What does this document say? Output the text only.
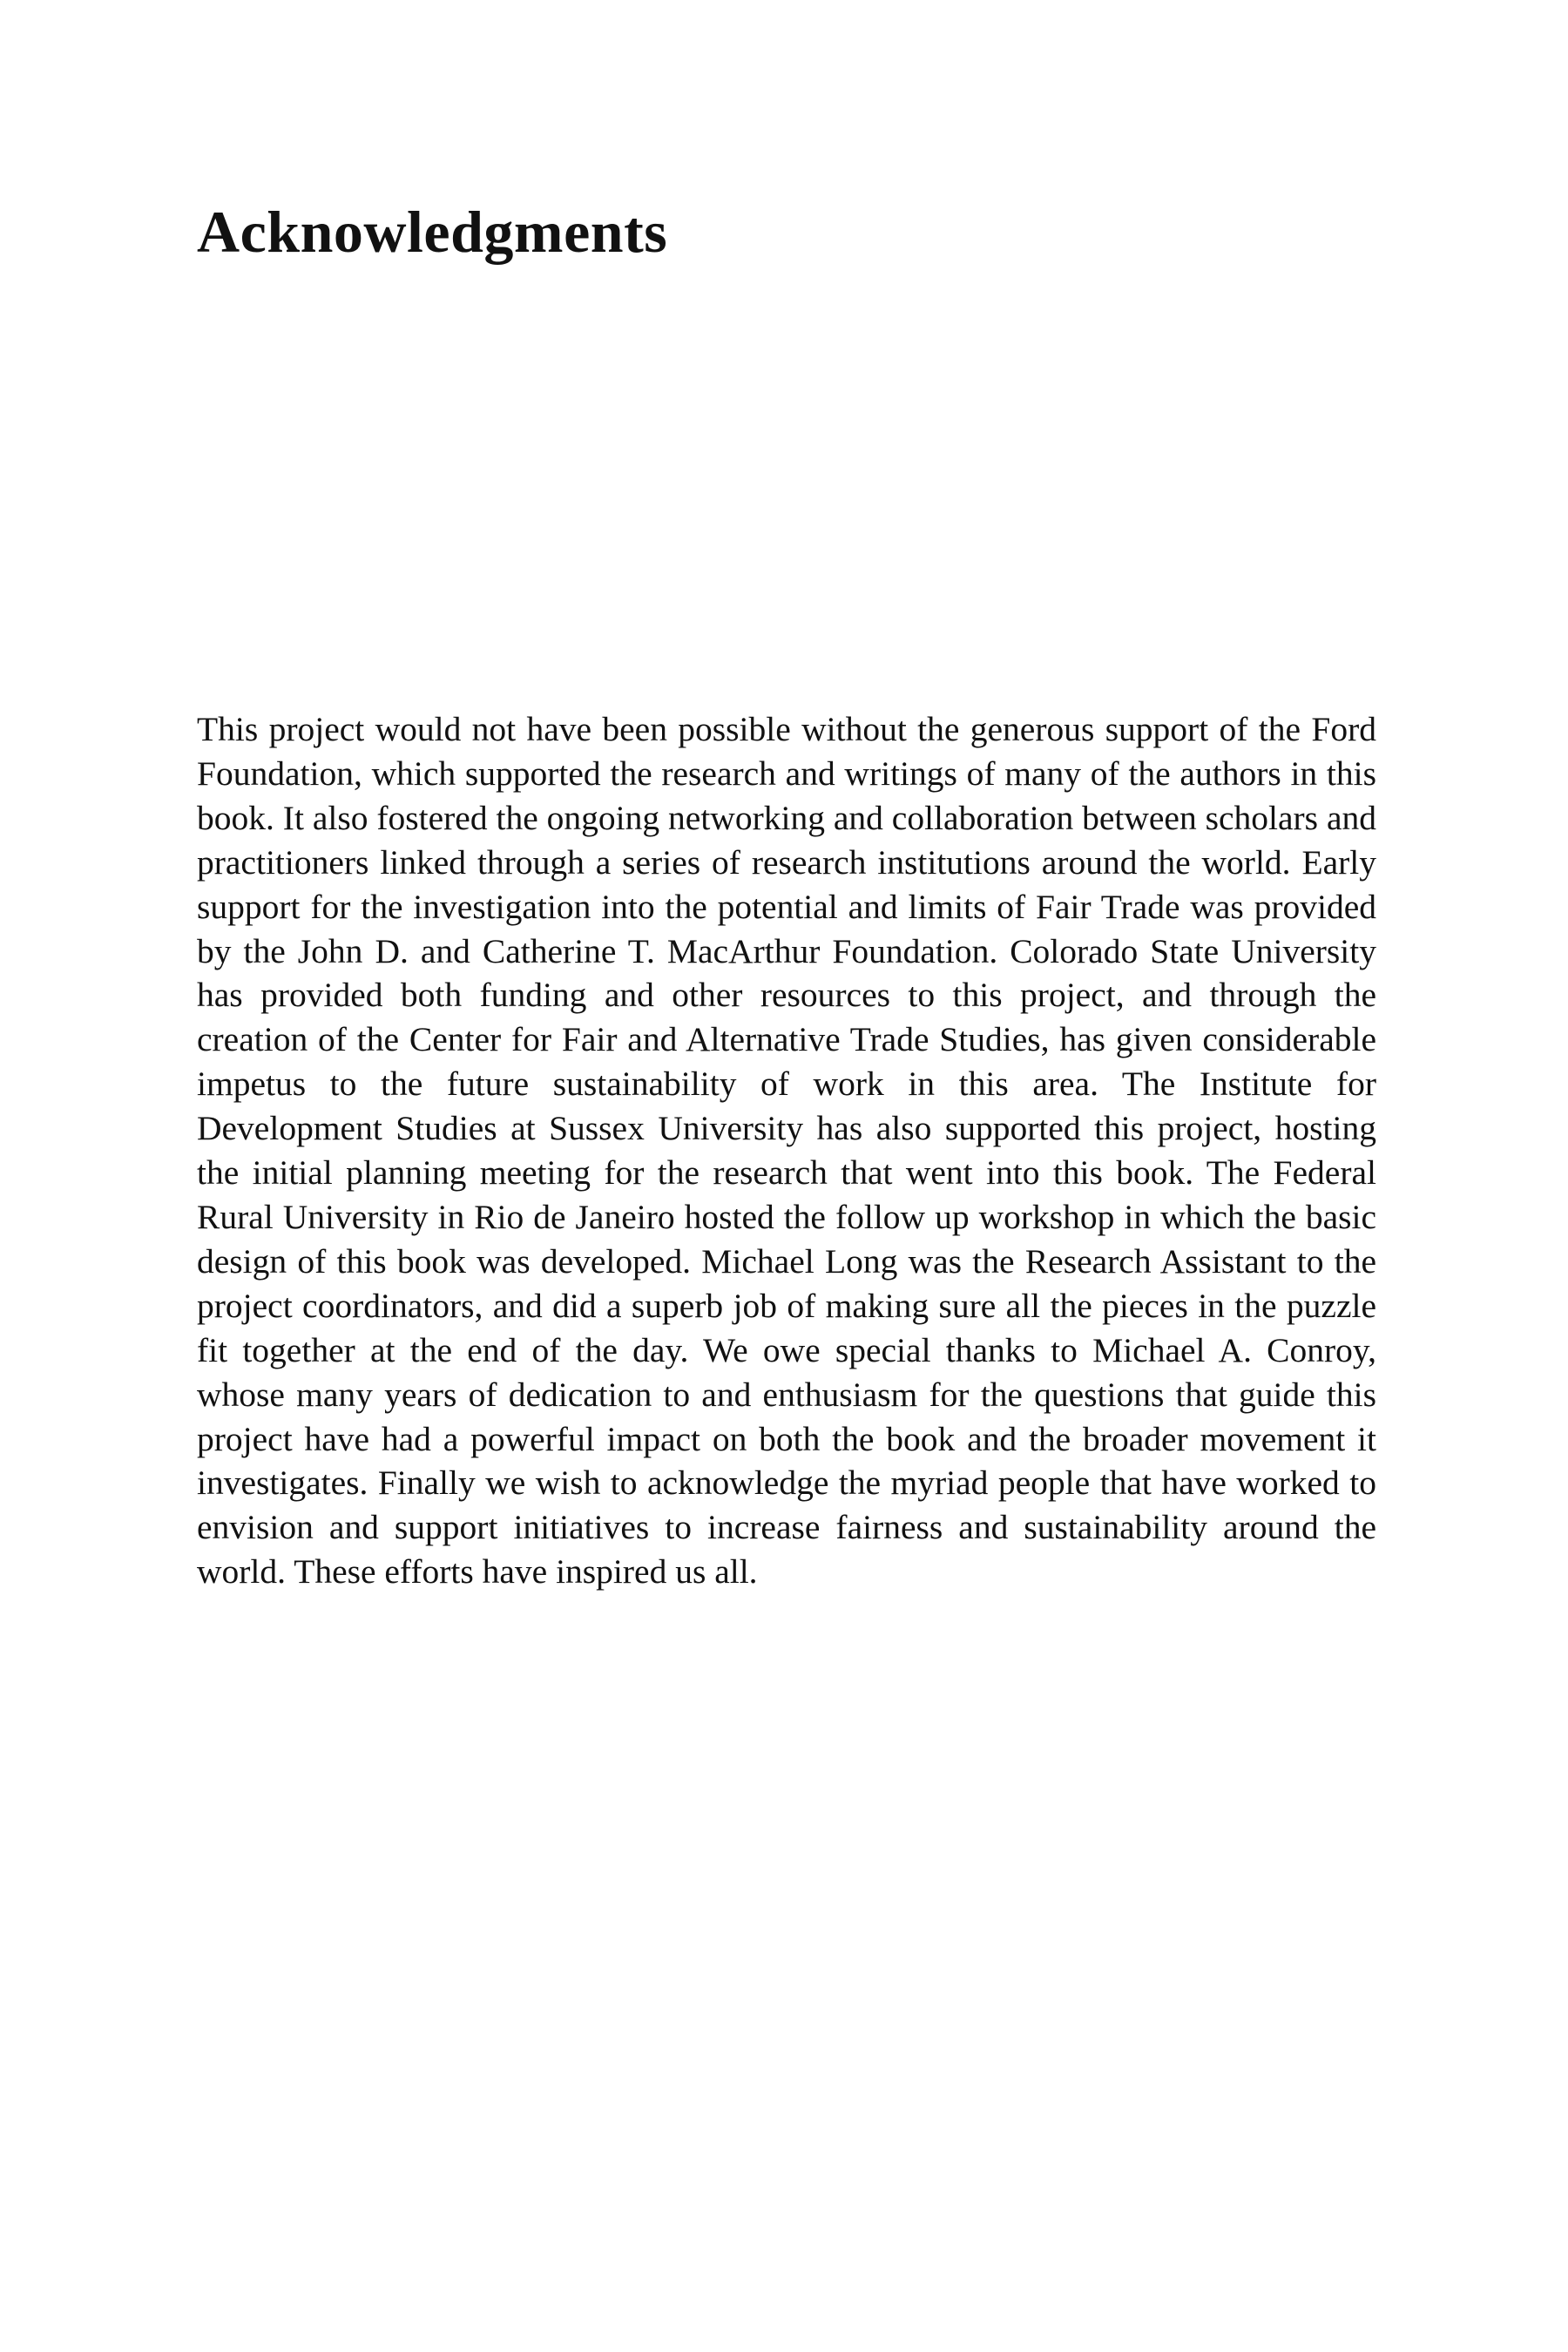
Acknowledgments

This project would not have been possible without the generous support of the Ford Foundation, which supported the research and writings of many of the authors in this book. It also fostered the ongoing networking and collaboration between scholars and practitioners linked through a series of research institutions around the world. Early support for the investigation into the potential and limits of Fair Trade was provided by the John D. and Catherine T. MacArthur Foundation. Colorado State University has provided both funding and other resources to this project, and through the creation of the Center for Fair and Alternative Trade Studies, has given considerable impetus to the future sustainability of work in this area. The Institute for Development Studies at Sussex University has also supported this project, hosting the initial planning meeting for the research that went into this book. The Federal Rural University in Rio de Janeiro hosted the follow up workshop in which the basic design of this book was developed. Michael Long was the Research Assistant to the project coordinators, and did a superb job of making sure all the pieces in the puzzle fit together at the end of the day. We owe special thanks to Michael A. Conroy, whose many years of dedication to and enthusiasm for the questions that guide this project have had a powerful impact on both the book and the broader movement it investigates. Finally we wish to acknowledge the myriad people that have worked to envision and support initiatives to increase fairness and sustainability around the world. These efforts have inspired us all.
